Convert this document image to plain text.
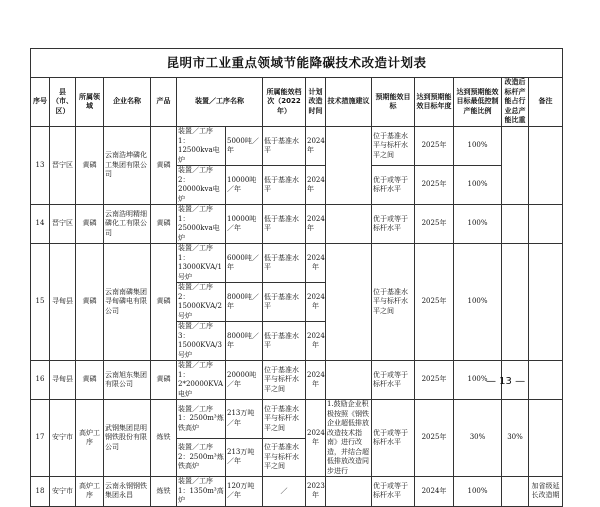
昆明市工业重点领域节能降碳技术改造计划表														
序号	县（市、区）	所属领域	企业名称	产品	装置／工序名称		所属能效档次（2022年）	计划改造时间	技术措施建议	预期能效目标	达到预期能效目标年度	达到预期能效目标最低控制产能比例	改造后标杆产能占行业总产能比重	备注
13	晋宁区	黄磷	云南浩坤磷化工集团有限公司	黄磷	装置／工序1：12500kva电炉	5000吨／年	低于基准水平	2024年		位于基准水平与标杆水平之间	2025年	100%		
					装置／工序2：20000kva电炉	10000吨／年	低于基准水平	2024年		优于或等于标杆水平	2025年	100%		
14	晋宁区	黄磷	云南浩明精细磷化工有限公司	黄磷	装置／工序1：25000kva电炉	10000吨／年	低于基准水平	2024年		优于或等于标杆水平	2025年	100%		
15	寻甸县	黄磷	云南南磷集团寻甸磷电有限公司	黄磷	装置／工序1：13000KVA/1号炉	6000吨／年	低于基准水平	2024年		位于基准水平与标杆水平之间	2025年	100%		
					装置／工序2：15000KVA/2号炉	8000吨／年	低于基准水平	2024年						
					装置／工序3：15000KVA/3号炉	8000吨／年	低于基准水平	2024年						
16	寻甸县	黄磷	云南旭东集团有限公司	黄磷	装置／工序1：2*20000KVA电炉	20000吨／年	位于基准水平与标杆水平之间	2024年		优于或等于标杆水平	2025年	100%		
17	安宁市	高炉工序	武钢集团昆明钢铁股份有限公司	炼铁	装置／工序1：2500m³炼铁高炉	213万吨／年	位于基准水平与标杆水平之间	2024年	1.鼓励企业积极按照《钢铁企业超低排放改造技术指南》进行改造，并结合超低排放改造同步进行	优于或等于标杆水平	2025年	30%	30%	
					装置／工序2：2500m³炼铁高炉	213万吨／年	位于基准水平与标杆水平之间							
18	安宁市	高炉工序	云南永钢钢铁集团永昌	炼铁	装置／工序1：1350m³高炉	120万吨／年	／	2023年		优于或等于标杆水平	2024年	100%		加省级延长改造期
— 13 —
